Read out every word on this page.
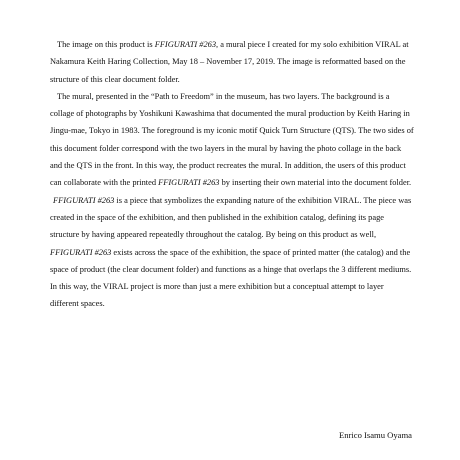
The image on this product is FFIGURATI #263, a mural piece I created for my solo exhibition VIRAL at Nakamura Keith Haring Collection, May 18 – November 17, 2019. The image is reformatted based on the structure of this clear document folder.

The mural, presented in the “Path to Freedom” in the museum, has two layers. The background is a collage of photographs by Yoshikuni Kawashima that documented the mural production by Keith Haring in Jingu-mae, Tokyo in 1983. The foreground is my iconic motif Quick Turn Structure (QTS). The two sides of this document folder correspond with the two layers in the mural by having the photo collage in the back and the QTS in the front. In this way, the product recreates the mural. In addition, the users of this product can collaborate with the printed FFIGURATI #263 by inserting their own material into the document folder.

FFIGURATI #263 is a piece that symbolizes the expanding nature of the exhibition VIRAL. The piece was created in the space of the exhibition, and then published in the exhibition catalog, defining its page structure by having appeared repeatedly throughout the catalog. By being on this product as well, FFIGURATI #263 exists across the space of the exhibition, the space of printed matter (the catalog) and the space of product (the clear document folder) and functions as a hinge that overlaps the 3 different mediums. In this way, the VIRAL project is more than just a mere exhibition but a conceptual attempt to layer different spaces.

Enrico Isamu Oyama
